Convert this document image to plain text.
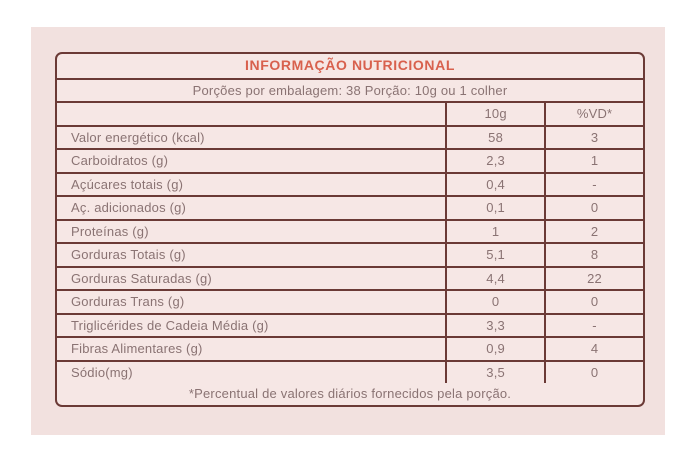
INFORMAÇÃO NUTRICIONAL		
Porções por embalagem: 38 Porção: 10g ou 1 colher		
	10g	%VD*
Valor energético (kcal)	58	3
Carboidratos (g)	2,3	1
Açúcares totais (g)	0,4	-
Aç. adicionados (g)	0,1	0
Proteínas (g)	1	2
Gorduras Totais (g)	5,1	8
Gorduras Saturadas (g)	4,4	22
Gorduras Trans (g)	0	0
Triglicérides de Cadeia Média (g)	3,3	-
Fibras Alimentares (g)	0,9	4
Sódio(mg)	3,5	0
*Percentual de valores diários fornecidos pela porção.		
